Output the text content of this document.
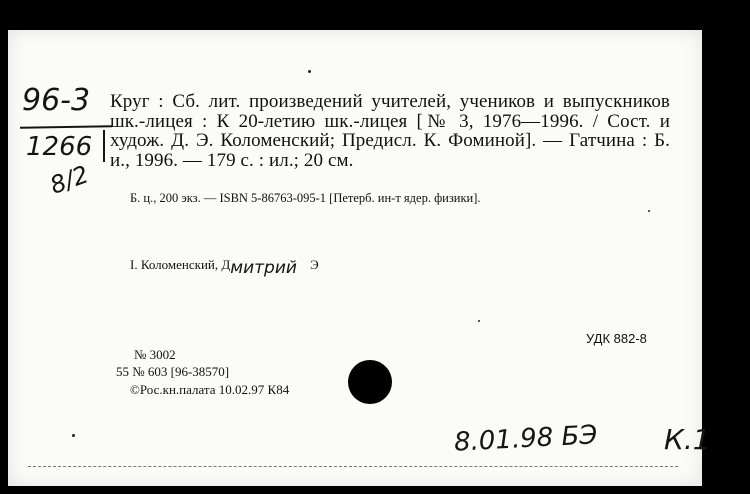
96-3
1266
8/2
Круг : Сб. лит. произведений учителей, учеников и выпускников шк.-лицея : К 20-летию шк.-лицея [№ 3, 1976—1996. / Сост. и худож. Д. Э. Коломенский; Предисл. К. Фоминой]. — Гатчина : Б. и., 1996. — 179 с. : ил.; 20 см.
Б. ц., 200 экз. — ISBN 5-86763-095-1 [Петерб. ин-т ядер. физики].
I. Коломенский, Дмитрий Э
УДК 882-8
№ 3002
55 № 603 [96-38570]
©Рос.кн.палата 10.02.97 К84
8.01.98 БЭ К.1
